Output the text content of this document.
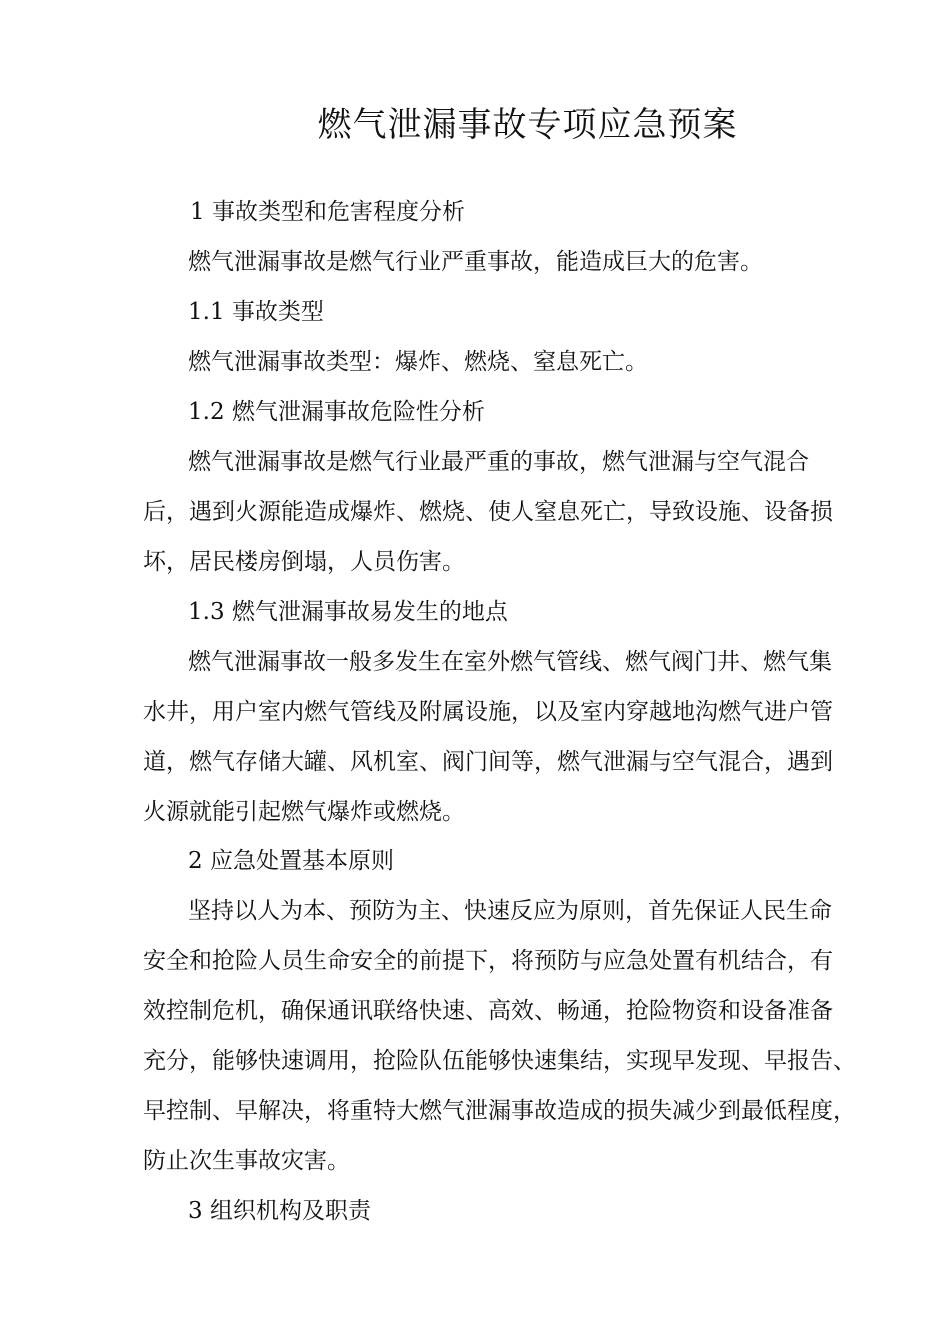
燃气泄漏事故专项应急预案

1 事故类型和危害程度分析

燃气泄漏事故是燃气行业严重事故，能造成巨大的危害。

1.1 事故类型

燃气泄漏事故类型：爆炸、燃烧、窒息死亡。

1.2 燃气泄漏事故危险性分析

燃气泄漏事故是燃气行业最严重的事故，燃气泄漏与空气混合

后，遇到火源能造成爆炸、燃烧、使人窒息死亡，导致设施、设备损

坏，居民楼房倒塌，人员伤害。

1.3 燃气泄漏事故易发生的地点

燃气泄漏事故一般多发生在室外燃气管线、燃气阀门井、燃气集

水井，用户室内燃气管线及附属设施，以及室内穿越地沟燃气进户管

道，燃气存储大罐、风机室、阀门间等，燃气泄漏与空气混合，遇到

火源就能引起燃气爆炸或燃烧。

2 应急处置基本原则

坚持以人为本、预防为主、快速反应为原则，首先保证人民生命

安全和抢险人员生命安全的前提下，将预防与应急处置有机结合，有

效控制危机，确保通讯联络快速、高效、畅通，抢险物资和设备准备

充分，能够快速调用，抢险队伍能够快速集结，实现早发现、早报告、

早控制、早解决，将重特大燃气泄漏事故造成的损失减少到最低程度，

防止次生事故灾害。

3 组织机构及职责
